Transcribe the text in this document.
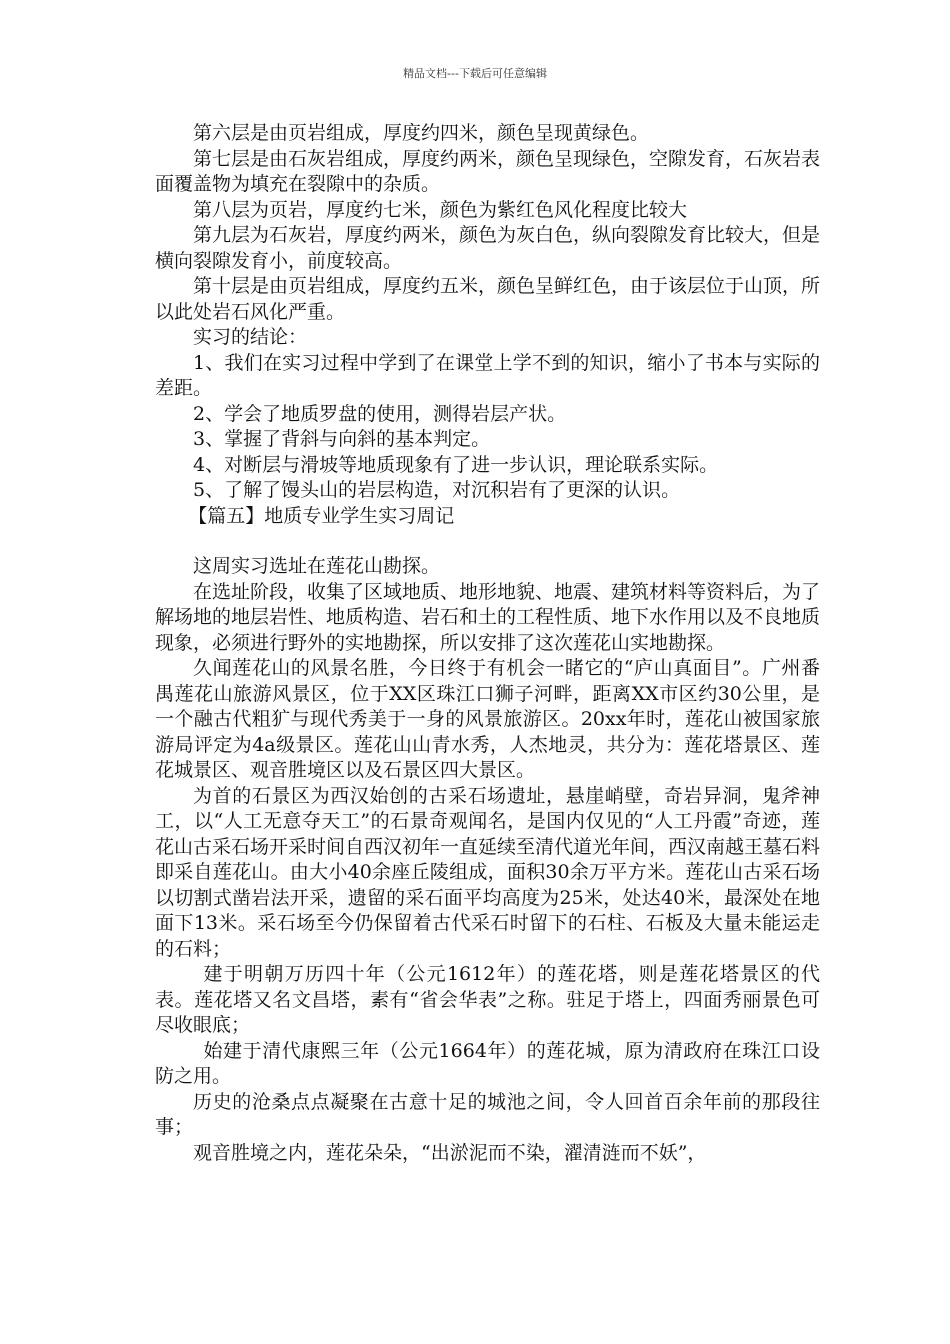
精品文档---下载后可任意编辑

第六层是由页岩组成，厚度约四米，颜色呈现黄绿色。

第七层是由石灰岩组成，厚度约两米，颜色呈现绿色，空隙发育，石灰岩表面覆盖物为填充在裂隙中的杂质。

第八层为页岩，厚度约七米，颜色为紫红色风化程度比较大

第九层为石灰岩，厚度约两米，颜色为灰白色，纵向裂隙发育比较大，但是横向裂隙发育小，前度较高。

第十层是由页岩组成，厚度约五米，颜色呈鲜红色，由于该层位于山顶，所以此处岩石风化严重。

实习的结论：

1、我们在实习过程中学到了在课堂上学不到的知识，缩小了书本与实际的差距。

2、学会了地质罗盘的使用，测得岩层产状。

3、掌握了背斜与向斜的基本判定。

4、对断层与滑坡等地质现象有了进一步认识，理论联系实际。

5、了解了馒头山的岩层构造，对沉积岩有了更深的认识。

【篇五】地质专业学生实习周记

这周实习选址在莲花山勘探。

在选址阶段，收集了区域地质、地形地貌、地震、建筑材料等资料后，为了解场地的地层岩性、地质构造、岩石和土的工程性质、地下水作用以及不良地质现象，必须进行野外的实地勘探，所以安排了这次莲花山实地勘探。

久闻莲花山的风景名胜，今日终于有机会一睹它的“庐山真面目”。广州番禺莲花山旅游风景区，位于XX区珠江口狮子河畔，距离XX市区约30公里，是一个融古代粗犷与现代秀美于一身的风景旅游区。20xx年时，莲花山被国家旅游局评定为4a级景区。莲花山山青水秀，人杰地灵，共分为：莲花塔景区、莲花城景区、观音胜境区以及石景区四大景区。

为首的石景区为西汉始创的古采石场遗址，悬崖峭壁，奇岩异洞，鬼斧神工，以“人工无意夺天工”的石景奇观闻名，是国内仅见的“人工丹霞”奇迹，莲花山古采石场开采时间自西汉初年一直延续至清代道光年间，西汉南越王墓石料即采自莲花山。由大小40余座丘陵组成，面积30余万平方米。莲花山古采石场以切割式凿岩法开采，遗留的采石面平均高度为25米，处达40米，最深处在地面下13米。采石场至今仍保留着古代采石时留下的石柱、石板及大量未能运走的石料；

建于明朝万历四十年（公元1612年）的莲花塔，则是莲花塔景区的代表。莲花塔又名文昌塔，素有“省会华表”之称。驻足于塔上，四面秀丽景色可尽收眼底；

始建于清代康熙三年（公元1664年）的莲花城，原为清政府在珠江口设防之用。

历史的沧桑点点凝聚在古意十足的城池之间，令人回首百余年前的那段往事；

观音胜境之内，莲花朵朵，“出淤泥而不染，濯清涟而不妖”，
